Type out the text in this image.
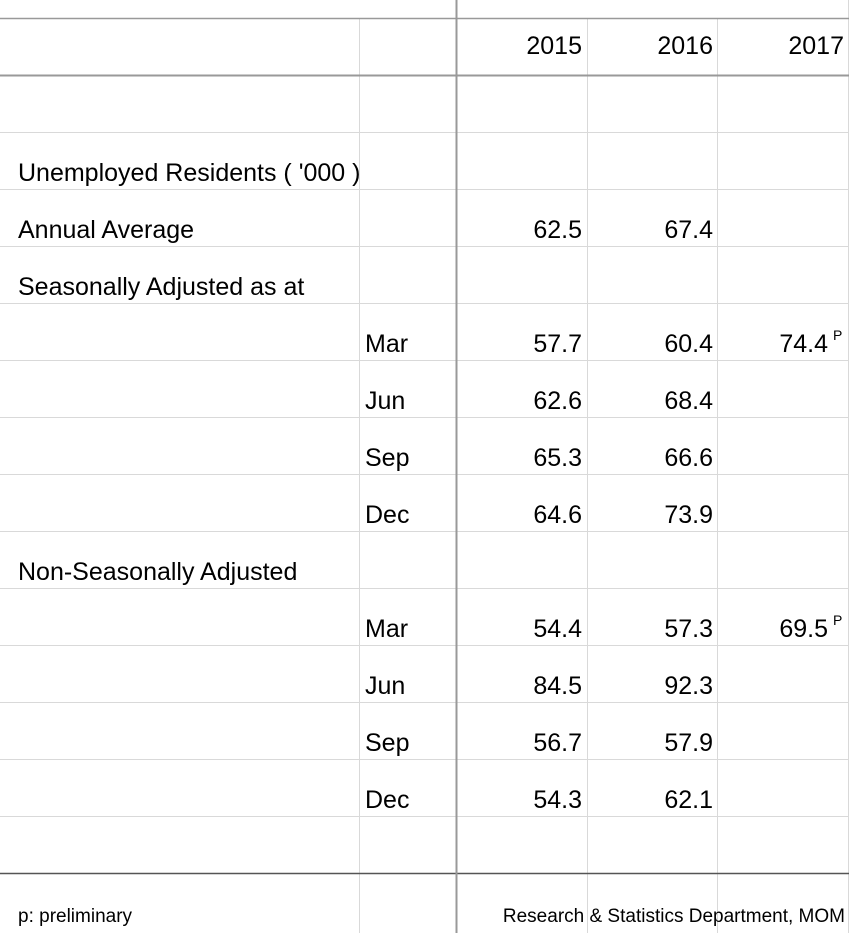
2015	2016	2017
Unemployed Residents ( '000 )
Annual Average	62.5	67.4
Seasonally Adjusted as at
Mar	57.7	60.4	74.4 P
Jun	62.6	68.4
Sep	65.3	66.6
Dec	64.6	73.9
Non-Seasonally Adjusted
Mar	54.4	57.3	69.5 P
Jun	84.5	92.3
Sep	56.7	57.9
Dec	54.3	62.1
p: preliminary	Research & Statistics Department, MOM
